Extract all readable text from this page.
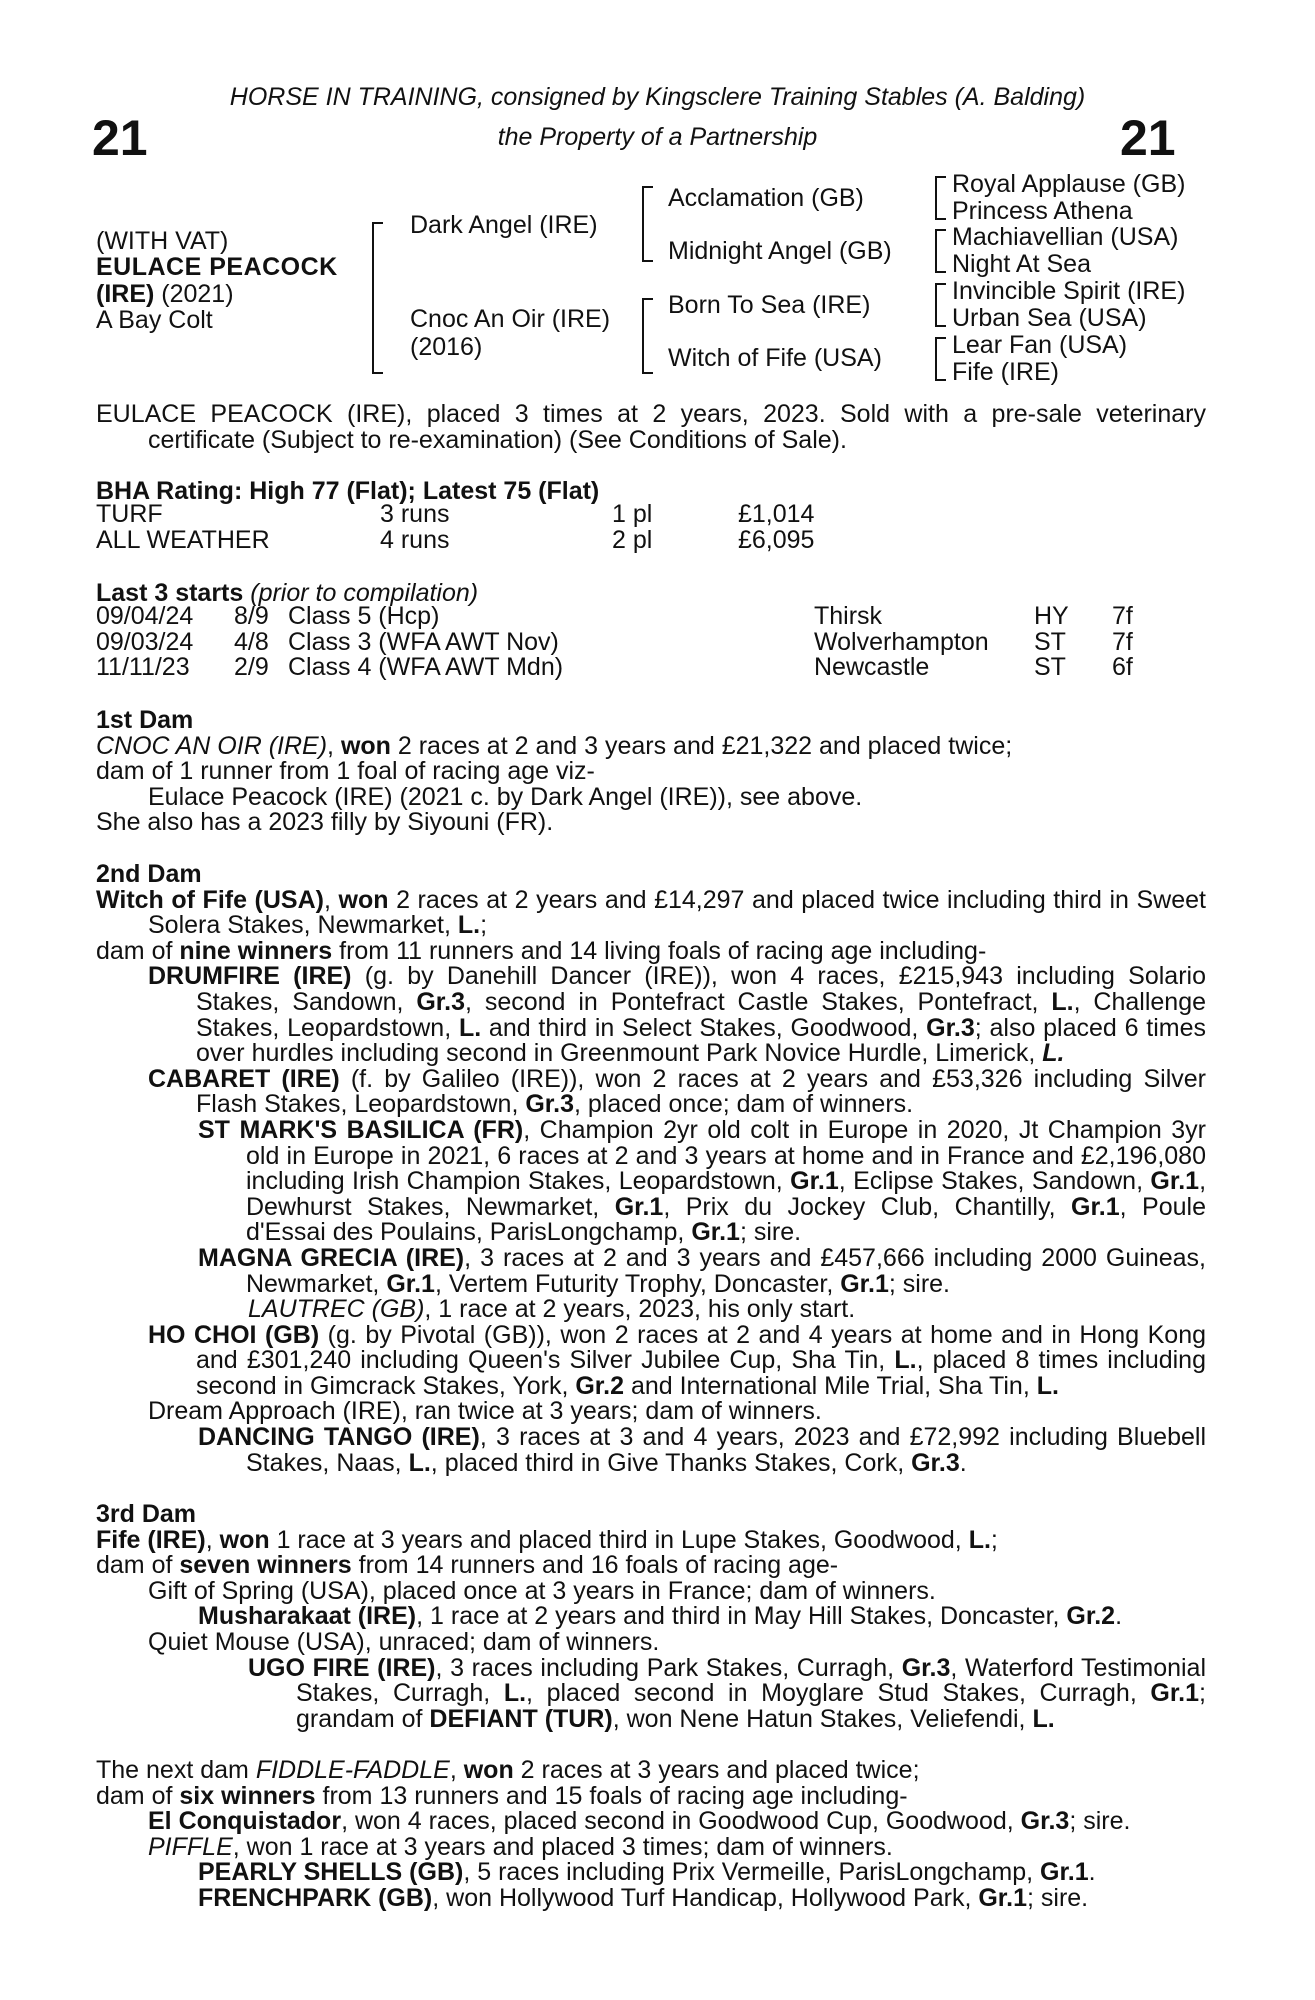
21	21
HORSE IN TRAINING, consigned by Kingsclere Training Stables (A. Balding)
the Property of a Partnership
(WITH VAT)
EULACE PEACOCK
(IRE) (2021)
A Bay Colt
Dark Angel (IRE)
Cnoc An Oir (IRE)
(2016)
Acclamation (GB)
Midnight Angel (GB)
Born To Sea (IRE)
Witch of Fife (USA)
Royal Applause (GB)
Princess Athena
Machiavellian (USA)
Night At Sea
Invincible Spirit (IRE)
Urban Sea (USA)
Lear Fan (USA)
Fife (IRE)

EULACE PEACOCK (IRE), placed 3 times at 2 years, 2023. Sold with a pre-sale veterinary certificate (Subject to re-examination) (See Conditions of Sale).

BHA Rating: High 77 (Flat); Latest 75 (Flat)
TURF	3 runs	1 pl	£1,014
ALL WEATHER	4 runs	2 pl	£6,095
Last 3 starts (prior to compilation)
09/04/24	8/9	Class 5 (Hcp)	Thirsk	HY	7f
09/03/24	4/8	Class 3 (WFA AWT Nov)	Wolverhampton	ST	7f
11/11/23	2/9	Class 4 (WFA AWT Mdn)	Newcastle	ST	6f

1st Dam

CNOC AN OIR (IRE), won 2 races at 2 and 3 years and £21,322 and placed twice;

dam of 1 runner from 1 foal of racing age viz-

Eulace Peacock (IRE) (2021 c. by Dark Angel (IRE)), see above.

She also has a 2023 filly by Siyouni (FR).

2nd Dam

Witch of Fife (USA), won 2 races at 2 years and £14,297 and placed twice including third in Sweet Solera Stakes, Newmarket, L.;

dam of nine winners from 11 runners and 14 living foals of racing age including-

DRUMFIRE (IRE) (g. by Danehill Dancer (IRE)), won 4 races, £215,943 including Solario Stakes, Sandown, Gr.3, second in Pontefract Castle Stakes, Pontefract, L., Challenge Stakes, Leopardstown, L. and third in Select Stakes, Goodwood, Gr.3; also placed 6 times over hurdles including second in Greenmount Park Novice Hurdle, Limerick, L.

CABARET (IRE) (f. by Galileo (IRE)), won 2 races at 2 years and £53,326 including Silver Flash Stakes, Leopardstown, Gr.3, placed once; dam of winners.

ST MARK'S BASILICA (FR), Champion 2yr old colt in Europe in 2020, Jt Champion 3yr old in Europe in 2021, 6 races at 2 and 3 years at home and in France and £2,196,080 including Irish Champion Stakes, Leopardstown, Gr.1, Eclipse Stakes, Sandown, Gr.1, Dewhurst Stakes, Newmarket, Gr.1, Prix du Jockey Club, Chantilly, Gr.1, Poule d'Essai des Poulains, ParisLongchamp, Gr.1; sire.

MAGNA GRECIA (IRE), 3 races at 2 and 3 years and £457,666 including 2000 Guineas, Newmarket, Gr.1, Vertem Futurity Trophy, Doncaster, Gr.1; sire.

LAUTREC (GB), 1 race at 2 years, 2023, his only start.

HO CHOI (GB) (g. by Pivotal (GB)), won 2 races at 2 and 4 years at home and in Hong Kong and £301,240 including Queen's Silver Jubilee Cup, Sha Tin, L., placed 8 times including second in Gimcrack Stakes, York, Gr.2 and International Mile Trial, Sha Tin, L.

Dream Approach (IRE), ran twice at 3 years; dam of winners.

DANCING TANGO (IRE), 3 races at 3 and 4 years, 2023 and £72,992 including Bluebell Stakes, Naas, L., placed third in Give Thanks Stakes, Cork, Gr.3.

3rd Dam

Fife (IRE), won 1 race at 3 years and placed third in Lupe Stakes, Goodwood, L.;

dam of seven winners from 14 runners and 16 foals of racing age-

Gift of Spring (USA), placed once at 3 years in France; dam of winners.

Musharakaat (IRE), 1 race at 2 years and third in May Hill Stakes, Doncaster, Gr.2.

Quiet Mouse (USA), unraced; dam of winners.

UGO FIRE (IRE), 3 races including Park Stakes, Curragh, Gr.3, Waterford Testimonial Stakes, Curragh, L., placed second in Moyglare Stud Stakes, Curragh, Gr.1; grandam of DEFIANT (TUR), won Nene Hatun Stakes, Veliefendi, L.

The next dam FIDDLE-FADDLE, won 2 races at 3 years and placed twice;

dam of six winners from 13 runners and 15 foals of racing age including-

El Conquistador, won 4 races, placed second in Goodwood Cup, Goodwood, Gr.3; sire.

PIFFLE, won 1 race at 3 years and placed 3 times; dam of winners.

PEARLY SHELLS (GB), 5 races including Prix Vermeille, ParisLongchamp, Gr.1.

FRENCHPARK (GB), won Hollywood Turf Handicap, Hollywood Park, Gr.1; sire.
